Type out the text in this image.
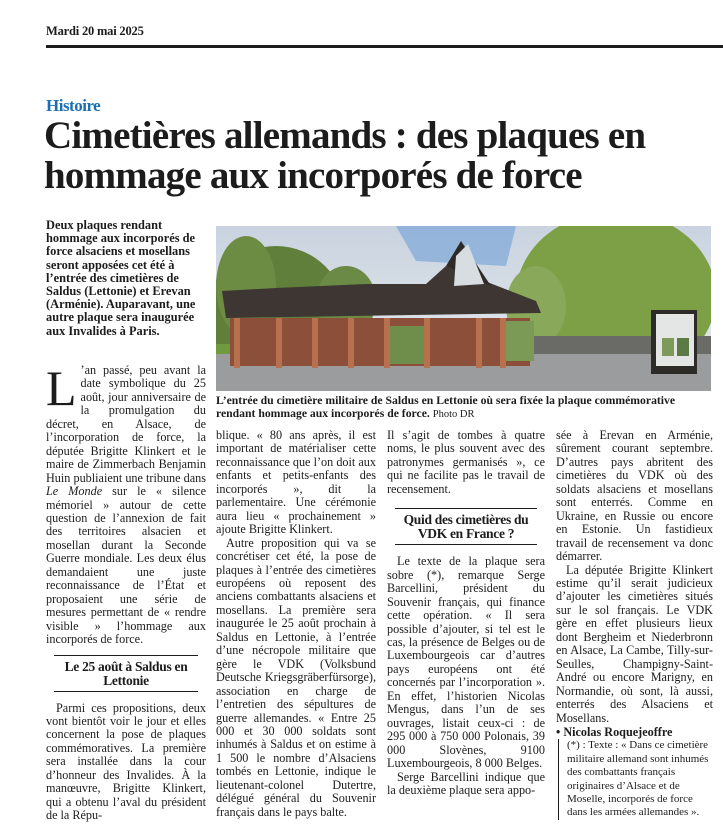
Mardi 20 mai 2025
Histoire
Cimetières allemands : des plaques en hommage aux incorporés de force
Deux plaques rendant hommage aux incorporés de force alsaciens et mosellans seront apposées cet été à l’entrée des cimetières de Saldus (Lettonie) et Erevan (Arménie). Auparavant, une autre plaque sera inaugurée aux Invalides à Paris.
L’entrée du cimetière militaire de Saldus en Lettonie où sera fixée la plaque commémorative rendant hommage aux incorporés de force. Photo DR

L ’an passé, peu avant la date symbolique du 25 août, jour anniversaire de la promulgation du décret, en Alsace, de l’incorporation de force, la députée Brigitte Klinkert et le maire de Zimmerbach Benjamin Huin publiaient une tribune dans Le Monde sur le « silence mémoriel » autour de cette question de l’annexion de fait des territoires alsacien et mosellan durant la Seconde Guerre mondiale. Les deux élus demandaient une juste reconnaissance de l’État et proposaient une série de mesures permettant de « rendre visible » l’hommage aux incorporés de force.

Le 25 août à Saldus en Lettonie

Parmi ces propositions, deux vont bientôt voir le jour et elles concernent la pose de plaques commémoratives. La première sera installée dans la cour d’honneur des Invalides. À la manœuvre, Brigitte Klinkert, qui a obtenu l’aval du président de la Répu-

blique. « 80 ans après, il est important de matérialiser cette reconnaissance que l’on doit aux enfants et petits-enfants des incorporés », dit la parlementaire. Une cérémonie aura lieu « prochainement » ajoute Brigitte Klinkert.

Autre proposition qui va se concrétiser cet été, la pose de plaques à l’entrée des cimetières européens où reposent des anciens combattants alsaciens et mosellans. La première sera inaugurée le 25 août prochain à Saldus en Lettonie, à l’entrée d’une nécropole militaire que gère le VDK (Volksbund Deutsche Kriegsgräberfürsorge), association en charge de l’entretien des sépultures de guerre allemandes. « Entre 25 000 et 30 000 soldats sont inhumés à Saldus et on estime à 1 500 le nombre d’Alsaciens tombés en Lettonie, indique le lieutenant-colonel Dutertre, délégué général du Souvenir français dans le pays balte.

Il s’agit de tombes à quatre noms, le plus souvent avec des patronymes germanisés », ce qui ne facilite pas le travail de recensement.

Quid des cimetières du VDK en France ?

Le texte de la plaque sera sobre (*), remarque Serge Barcellini, président du Souvenir français, qui finance cette opération. « Il sera possible d’ajouter, si tel est le cas, la présence de Belges ou de Luxembourgeois car d’autres pays européens ont été concernés par l’incorporation ». En effet, l’historien Nicolas Mengus, dans l’un de ses ouvrages, listait ceux-ci : de 295 000 à 750 000 Polonais, 39 000 Slovènes, 9100 Luxembourgeois, 8 000 Belges.

Serge Barcellini indique que la deuxième plaque sera appo-

sée à Erevan en Arménie, sûrement courant septembre. D’autres pays abritent des cimetières du VDK où des soldats alsaciens et mosellans sont enterrés. Comme en Ukraine, en Russie ou encore en Estonie. Un fastidieux travail de recensement va donc démarrer.

La députée Brigitte Klinkert estime qu’il serait judicieux d’ajouter les cimetières situés sur le sol français. Le VDK gère en effet plusieurs lieux dont Bergheim et Niederbronn en Alsace, La Cambe, Tilly-sur-Seulles, Champigny-Saint-André ou encore Marigny, en Normandie, où sont, là aussi, enterrés des Alsaciens et Mosellans.

• Nicolas Roquejeoffre
(*) : Texte : « Dans ce cimetière militaire allemand sont inhumés des combattants français originaires d’Alsace et de Moselle, incorporés de force dans les armées allemandes ».
